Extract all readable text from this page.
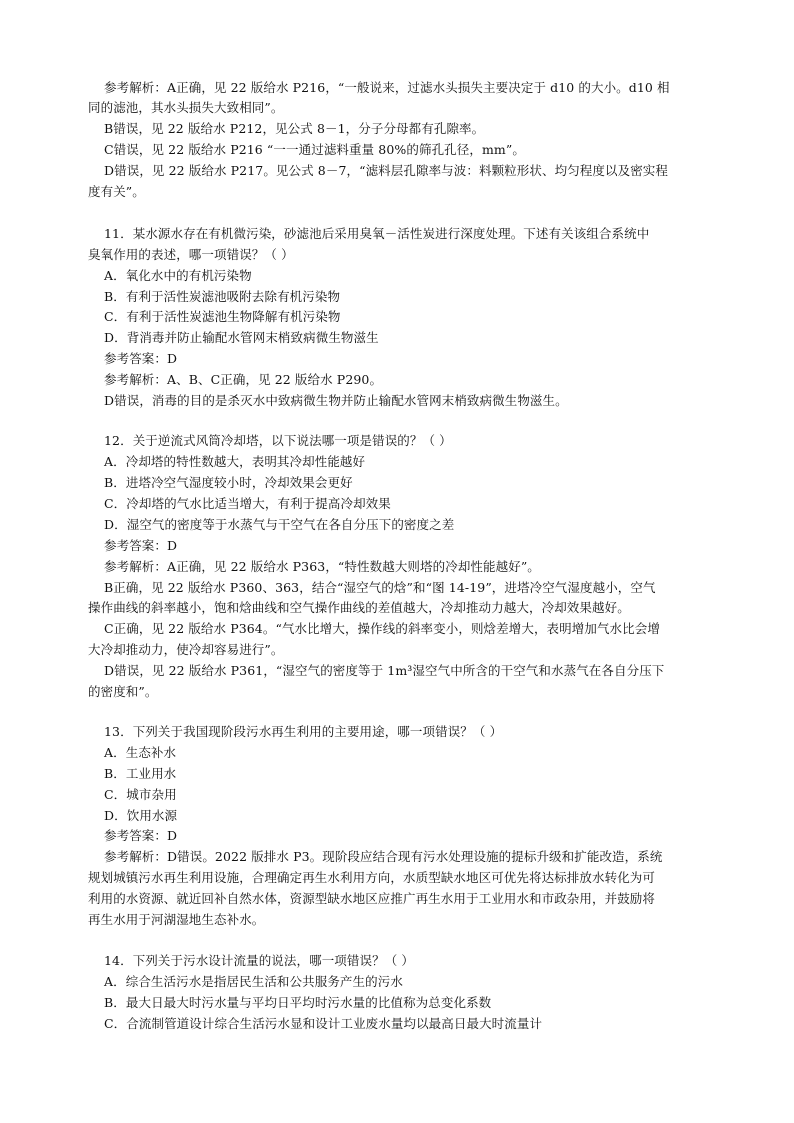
参考解析：A正确，见 22 版给水 P216，“一般说来，过滤水头损失主要决定于 d10 的大小。d10 相
同的滤池，其水头损失大致相同”。
B错误，见 22 版给水 P212，见公式 8－1，分子分母都有孔隙率。
C错误，见 22 版给水 P216 “一一通过滤料重量 80%的筛孔孔径，mm”。
D错误，见 22 版给水 P217。见公式 8－7，“滤料层孔隙率与波：料颗粒形状、均匀程度以及密实程
度有关”。
11．某水源水存在有机微污染，砂滤池后采用臭氧－活性炭进行深度处理。下述有关该组合系统中
臭氧作用的表述，哪一项错误？（ ）
A．氧化水中的有机污染物
B．有利于活性炭滤池吸附去除有机污染物
C．有利于活性炭滤池生物降解有机污染物
D．背消毒并防止输配水管网末梢致病微生物滋生
参考答案：D
参考解析：A、B、C正确，见 22 版给水 P290。
D错误，消毒的目的是杀灭水中致病微生物并防止输配水管网末梢致病微生物滋生。
12．关于逆流式风筒冷却塔，以下说法哪一项是错误的？（ ）
A．冷却塔的特性数越大，表明其冷却性能越好
B．进塔冷空气湿度较小时，冷却效果会更好
C．冷却塔的气水比适当增大，有利于提高冷却效果
D．湿空气的密度等于水蒸气与干空气在各自分压下的密度之差
参考答案：D
参考解析：A正确，见 22 版给水 P363，“特性数越大则塔的冷却性能越好”。
B正确，见 22 版给水 P360、363，结合“湿空气的焓”和“图 14-19”，进塔冷空气湿度越小，空气
操作曲线的斜率越小，饱和焓曲线和空气操作曲线的差值越大，冷却推动力越大，冷却效果越好。
C正确，见 22 版给水 P364。“气水比增大，操作线的斜率变小，则焓差增大，表明增加气水比会增
大冷却推动力，使冷却容易进行”。
D错误，见 22 版给水 P361，“湿空气的密度等于 1m³湿空气中所含的干空气和水蒸气在各自分压下
的密度和”。
13．下列关于我国现阶段污水再生利用的主要用途，哪一项错误？（ ）
A．生态补水
B．工业用水
C．城市杂用
D．饮用水源
参考答案：D
参考解析：D错误。2022 版排水 P3。现阶段应结合现有污水处理设施的提标升级和扩能改造，系统
规划城镇污水再生利用设施，合理确定再生水利用方向，水质型缺水地区可优先将达标排放水转化为可
利用的水资源、就近回补自然水体，资源型缺水地区应推广再生水用于工业用水和市政杂用，并鼓励将
再生水用于河湖湿地生态补水。
14．下列关于污水设计流量的说法，哪一项错误？（ ）
A．综合生活污水是指居民生活和公共服务产生的污水
B．最大日最大时污水量与平均日平均时污水量的比值称为总变化系数
C．合流制管道设计综合生活污水显和设计工业废水量均以最高日最大时流量计
